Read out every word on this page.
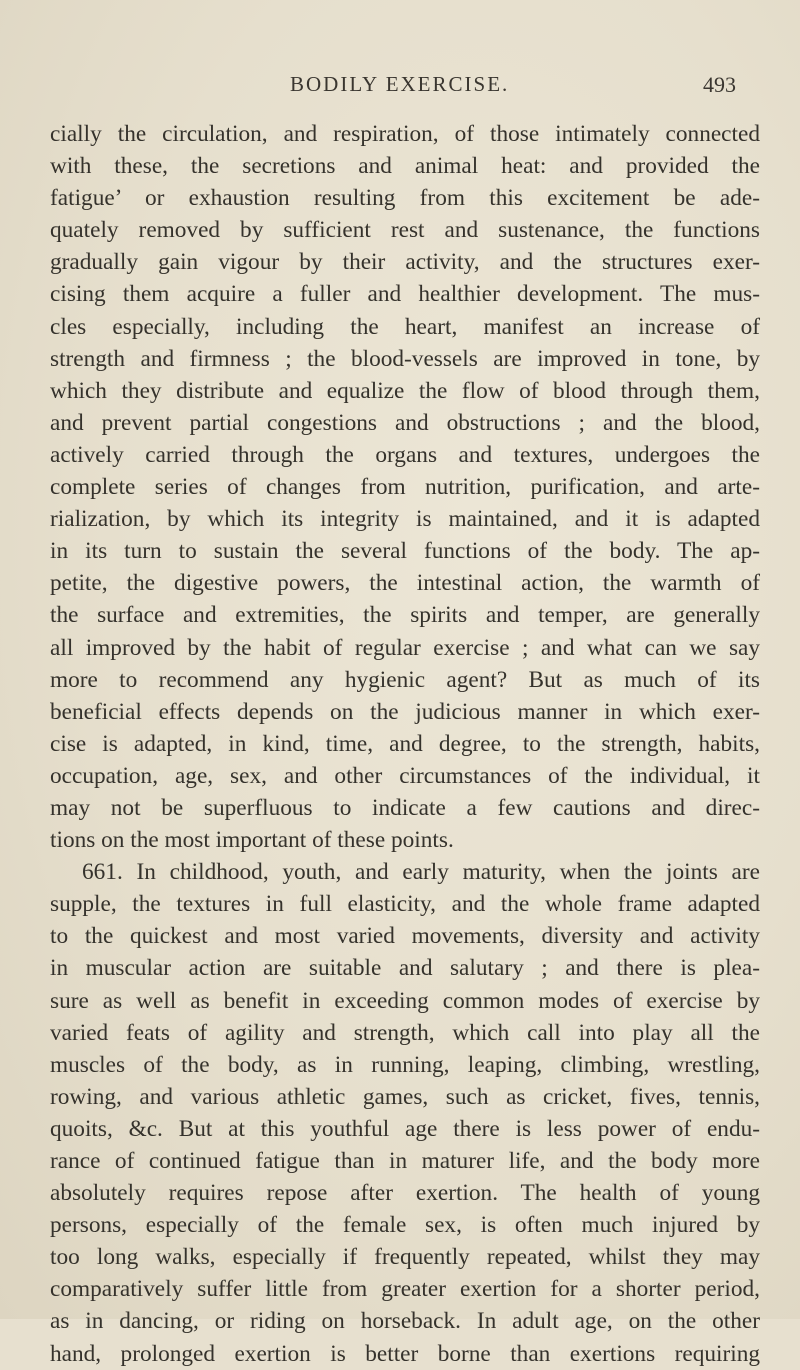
BODILY EXERCISE.	493
cially the circulation, and respiration, of those intimately connected
with these, the secretions and animal heat: and provided the
fatigue’ or exhaustion resulting from this excitement be ade-
quately removed by sufficient rest and sustenance, the functions
gradually gain vigour by their activity, and the structures exer-
cising them acquire a fuller and healthier development. The mus-
cles especially, including the heart, manifest an increase of
strength and firmness ; the blood-vessels are improved in tone, by
which they distribute and equalize the flow of blood through them,
and prevent partial congestions and obstructions ; and the blood,
actively carried through the organs and textures, undergoes the
complete series of changes from nutrition, purification, and arte-
rialization, by which its integrity is maintained, and it is adapted
in its turn to sustain the several functions of the body. The ap-
petite, the digestive powers, the intestinal action, the warmth of
the surface and extremities, the spirits and temper, are generally
all improved by the habit of regular exercise ; and what can we say
more to recommend any hygienic agent? But as much of its
beneficial effects depends on the judicious manner in which exer-
cise is adapted, in kind, time, and degree, to the strength, habits,
occupation, age, sex, and other circumstances of the individual, it
may not be superfluous to indicate a few cautions and direc-
tions on the most important of these points.
661. In childhood, youth, and early maturity, when the joints are
supple, the textures in full elasticity, and the whole frame adapted
to the quickest and most varied movements, diversity and activity
in muscular action are suitable and salutary ; and there is plea-
sure as well as benefit in exceeding common modes of exercise by
varied feats of agility and strength, which call into play all the
muscles of the body, as in running, leaping, climbing, wrestling,
rowing, and various athletic games, such as cricket, fives, tennis,
quoits, &c. But at this youthful age there is less power of endu-
rance of continued fatigue than in maturer life, and the body more
absolutely requires repose after exertion. The health of young
persons, especially of the female sex, is often much injured by
too long walks, especially if frequently repeated, whilst they may
comparatively suffer little from greater exertion for a shorter period,
as in dancing, or riding on horseback. In adult age, on the other
hand, prolonged exertion is better borne than exertions requiring
